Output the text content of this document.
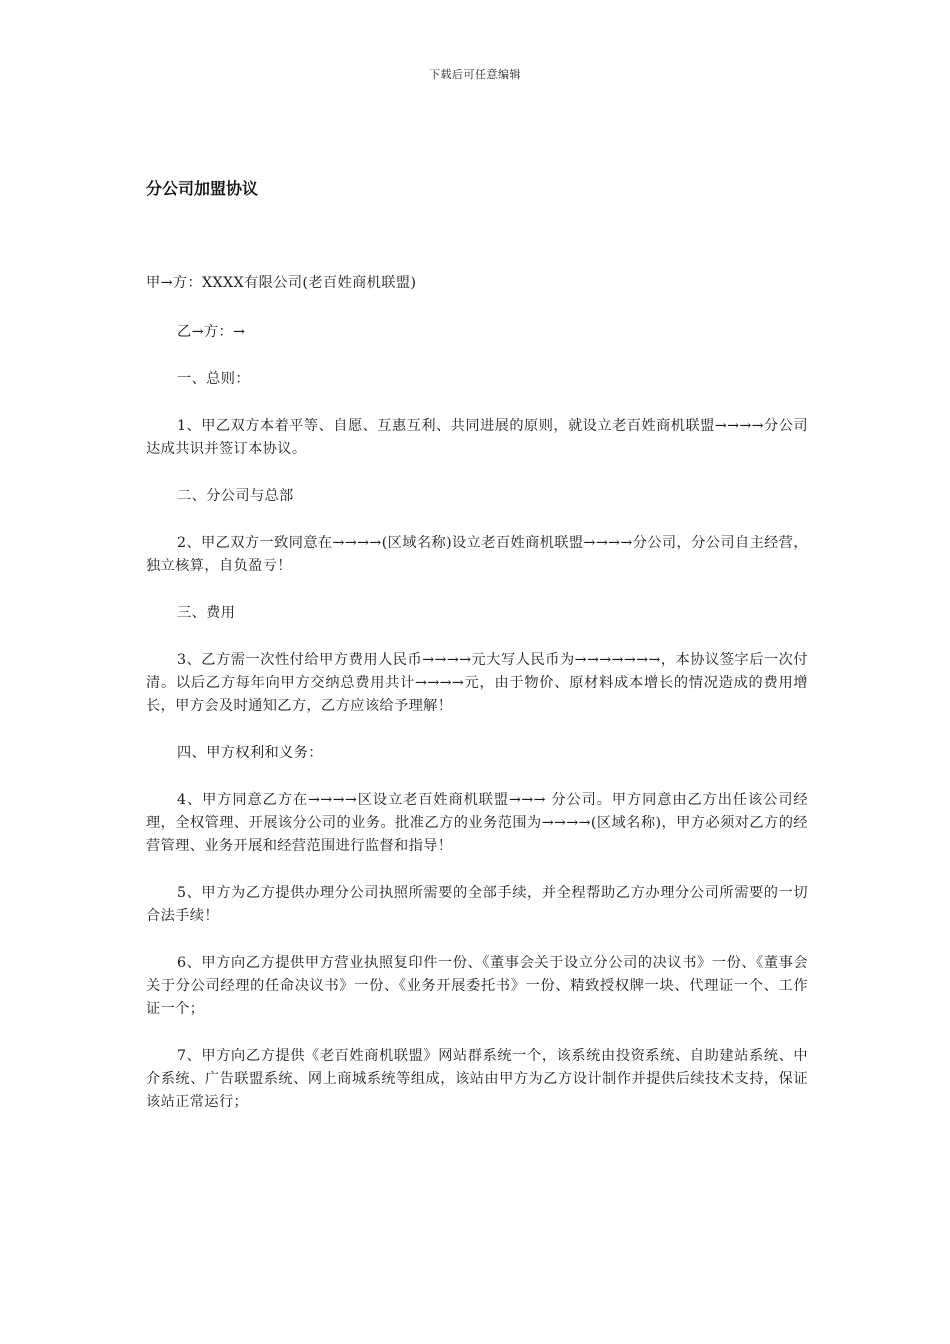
下载后可任意编辑
分公司加盟协议

甲→方：XXXX有限公司(老百姓商机联盟)

乙→方：→

一、总则：

1、甲乙双方本着平等、自愿、互惠互利、共同进展的原则，就设立老百姓商机联盟→→→→分公司达成共识并签订本协议。

二、分公司与总部

2、甲乙双方一致同意在→→→→(区域名称)设立老百姓商机联盟→→→→分公司，分公司自主经营，独立核算，自负盈亏！

三、费用

3、乙方需一次性付给甲方费用人民币→→→→元大写人民币为→→→→→→→，本协议签字后一次付清。以后乙方每年向甲方交纳总费用共计→→→→元，由于物价、原材料成本增长的情况造成的费用增长，甲方会及时通知乙方，乙方应该给予理解！

四、甲方权利和义务：

4、甲方同意乙方在→→→→区设立老百姓商机联盟→→→ 分公司。甲方同意由乙方出任该公司经理，全权管理、开展该分公司的业务。批准乙方的业务范围为→→→→(区域名称)，甲方必须对乙方的经营管理、业务开展和经营范围进行监督和指导！

5、甲方为乙方提供办理分公司执照所需要的全部手续，并全程帮助乙方办理分公司所需要的一切合法手续！

6、甲方向乙方提供甲方营业执照复印件一份、《董事会关于设立分公司的决议书》一份、《董事会关于分公司经理的任命决议书》一份、《业务开展委托书》一份、精致授权牌一块、代理证一个、工作证一个；

7、甲方向乙方提供《老百姓商机联盟》网站群系统一个，该系统由投资系统、自助建站系统、中介系统、广告联盟系统、网上商城系统等组成，该站由甲方为乙方设计制作并提供后续技术支持，保证该站正常运行；
